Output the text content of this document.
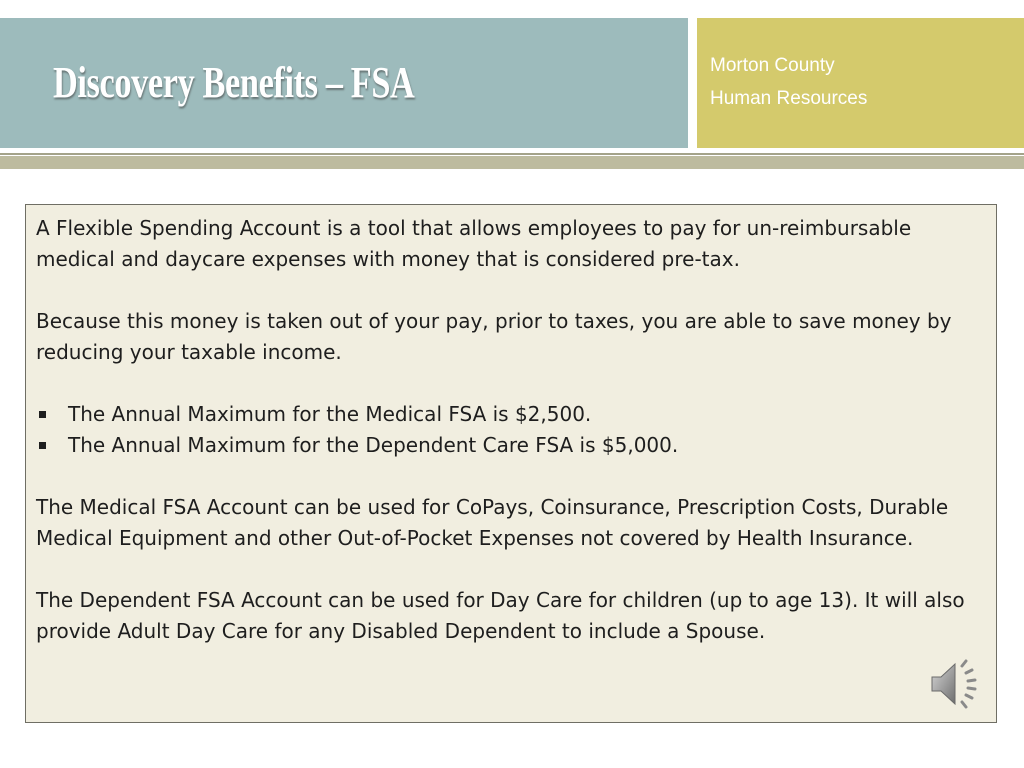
Discovery Benefits – FSA	Morton County
Human Resources

A Flexible Spending Account is a tool that allows employees to pay for un-reimbursable medical and daycare expenses with money that is considered pre-tax.

Because this money is taken out of your pay, prior to taxes, you are able to save money by reducing your taxable income.

The Annual Maximum for the Medical FSA is $2,500.
The Annual Maximum for the Dependent Care FSA is $5,000.

The Medical FSA Account can be used for CoPays, Coinsurance, Prescription Costs, Durable Medical Equipment and other Out-of-Pocket Expenses not covered by Health Insurance.

The Dependent FSA Account can be used for Day Care for children (up to age 13). It will also provide Adult Day Care for any Disabled Dependent to include a Spouse.
